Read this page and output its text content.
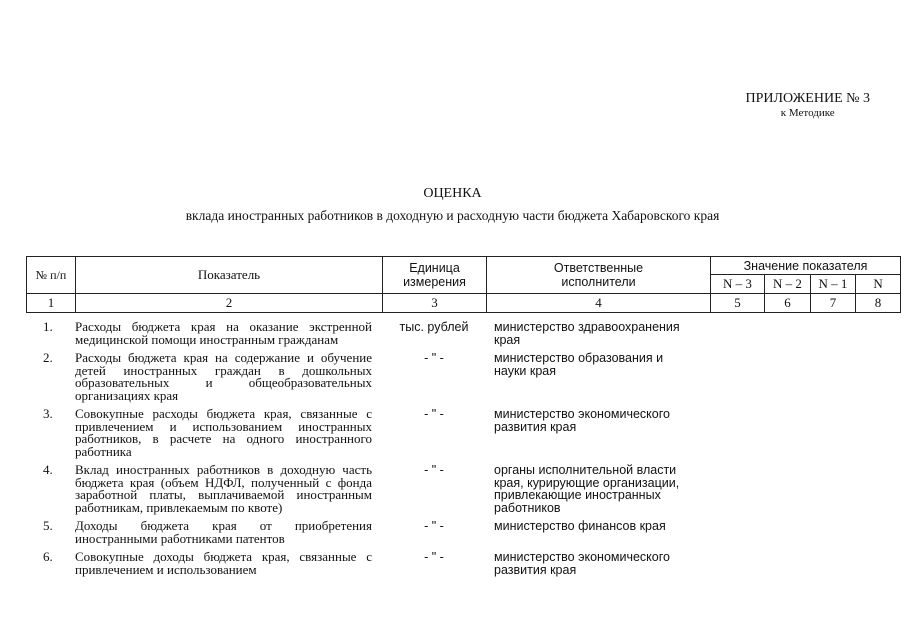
ПРИЛОЖЕНИЕ № 3
к Методике
ОЦЕНКА
вклада иностранных работников в доходную и расходную части бюджета Хабаровского края
№ п/п	Показатель	Единица измерения	Ответственные исполнители	Значение показателя			
				N – 3	N – 2	N – 1	N
1	2	3	4	5	6	7	8
1.	Расходы бюджета края на оказание экстренной медицинской помощи иностранным гражданам	тыс. рублей	министерство здравоохранения края
2.	Расходы бюджета края на содержание и обучение детей иностранных граждан в дошкольных образовательных и общеобразовательных организациях края	- " -	министерство образования и науки края
3.	Совокупные расходы бюджета края, связанные с привлечением и использованием иностранных работников, в расчете на одного иностранного работника	- " -	министерство экономического развития края
4.	Вклад иностранных работников в доходную часть бюджета края (объем НДФЛ, полученный с фонда заработной платы, выплачиваемой иностранным работникам, привлекаемым по квоте)	- " -	органы исполнительной власти края, курирующие организации, привлекающие иностранных работников
5.	Доходы бюджета края от приобретения иностранными работниками патентов	- " -	министерство финансов края
6.	Совокупные доходы бюджета края, связанные с привлечением и использованием	- " -	министерство экономического развития края
